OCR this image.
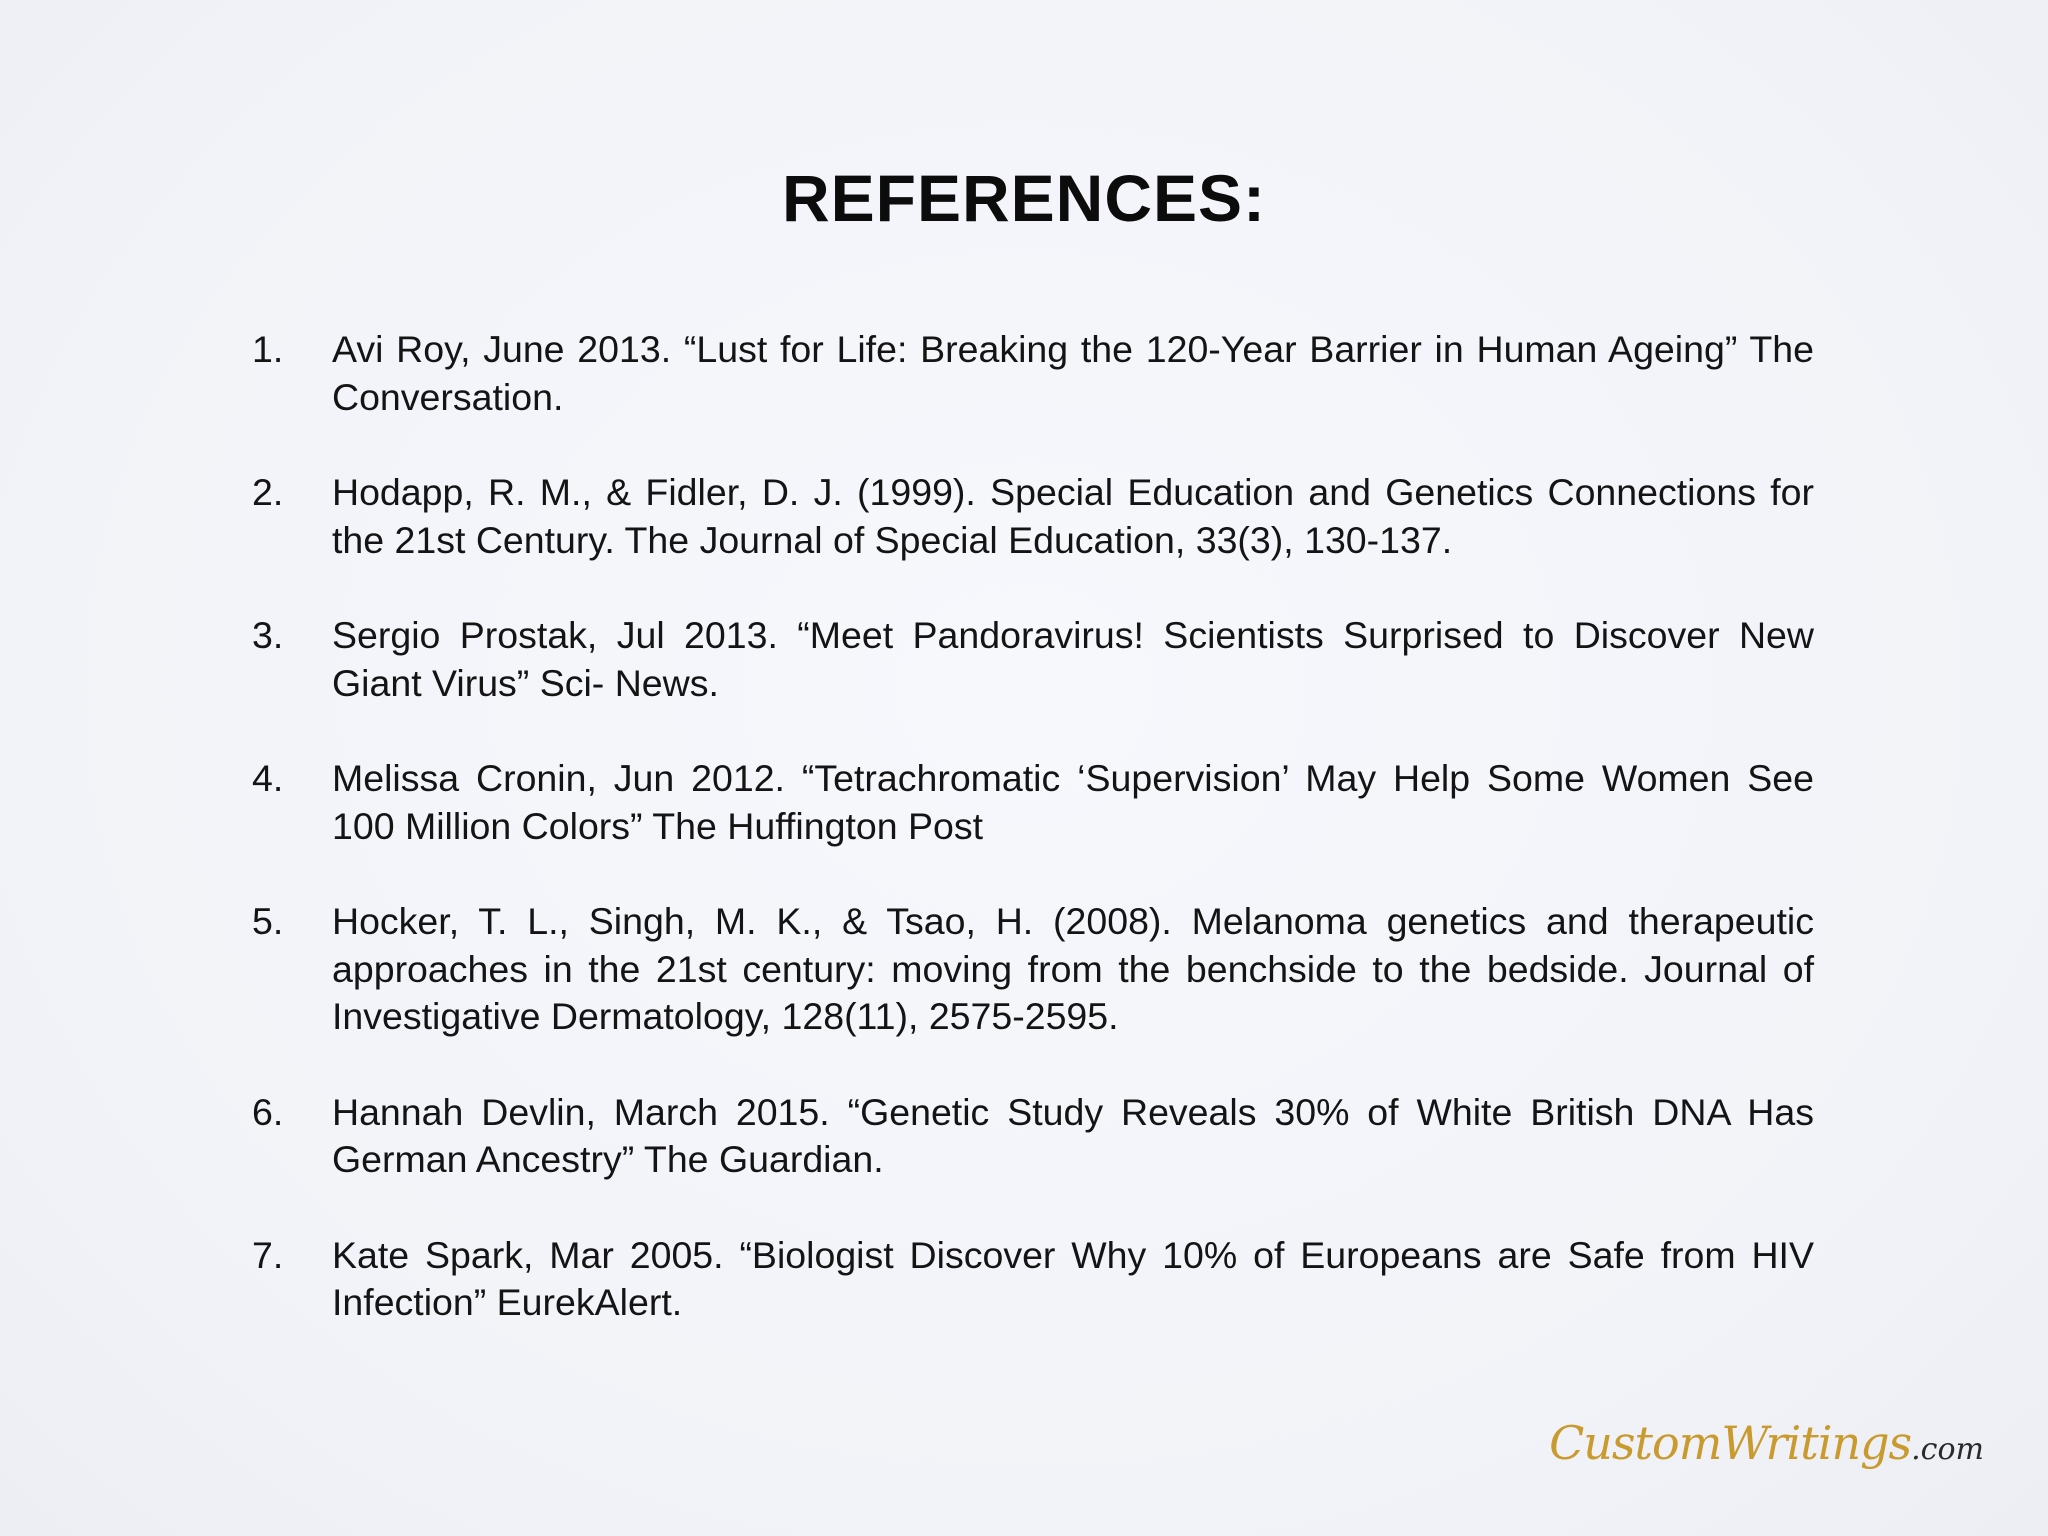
REFERENCES:
1. Avi Roy, June 2013. “Lust for Life: Breaking the 120-Year Barrier in Human Ageing” The Conversation.
2. Hodapp, R. M., & Fidler, D. J. (1999). Special Education and Genetics Connections for the 21st Century. The Journal of Special Education, 33(3), 130-137.
3. Sergio Prostak, Jul 2013. “Meet Pandoravirus! Scientists Surprised to Discover New Giant Virus” Sci- News.
4. Melissa Cronin, Jun 2012. “Tetrachromatic ‘Supervision’ May Help Some Women See 100 Million Colors” The Huffington Post
5. Hocker, T. L., Singh, M. K., & Tsao, H. (2008). Melanoma genetics and therapeutic approaches in the 21st century: moving from the benchside to the bedside. Journal of Investigative Dermatology, 128(11), 2575-2595.
6. Hannah Devlin, March 2015. “Genetic Study Reveals 30% of White British DNA Has German Ancestry” The Guardian.
7. Kate Spark, Mar 2005. “Biologist Discover Why 10% of Europeans are Safe from HIV Infection” EurekAlert.
CustomWritings.com
